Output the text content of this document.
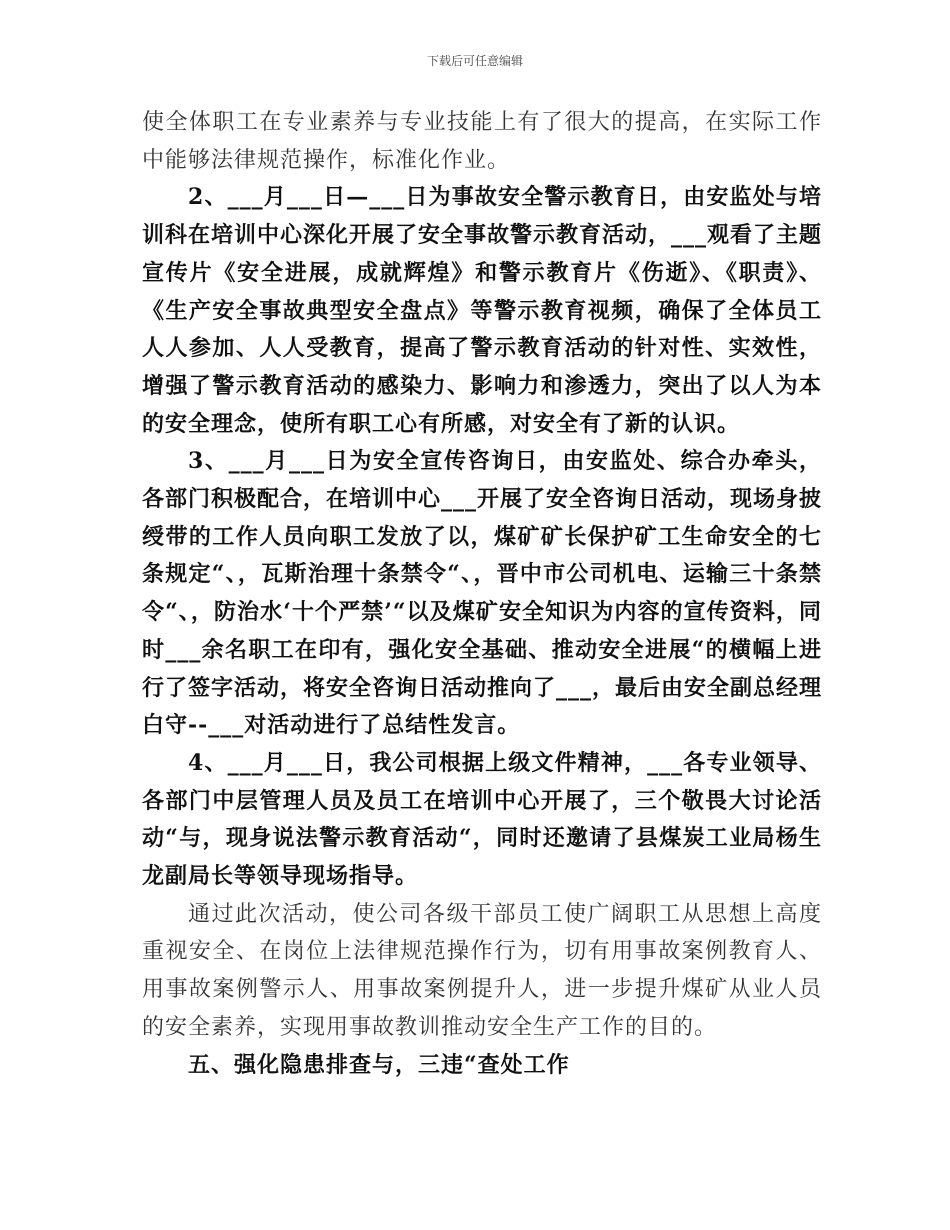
下载后可任意编辑

使全体职工在专业素养与专业技能上有了很大的提高，在实际工作中能够法律规范操作，标准化作业。

2、___月___日—___日为事故安全警示教育日，由安监处与培训科在培训中心深化开展了安全事故警示教育活动，___观看了主题宣传片《安全进展，成就辉煌》和警示教育片《伤逝》、《职责》、《生产安全事故典型安全盘点》等警示教育视频，确保了全体员工人人参加、人人受教育，提高了警示教育活动的针对性、实效性，增强了警示教育活动的感染力、影响力和渗透力，突出了以人为本的安全理念，使所有职工心有所感，对安全有了新的认识。

3、___月___日为安全宣传咨询日，由安监处、综合办牵头，各部门积极配合，在培训中心___开展了安全咨询日活动，现场身披绶带的工作人员向职工发放了以，煤矿矿长保护矿工生命安全的七条规定“、，瓦斯治理十条禁令“、，晋中市公司机电、运输三十条禁令“、，防治水‘十个严禁’“以及煤矿安全知识为内容的宣传资料，同时___余名职工在印有，强化安全基础、推动安全进展“的横幅上进行了签字活动，将安全咨询日活动推向了___，最后由安全副总经理白守--___对活动进行了总结性发言。

4、___月___日，我公司根据上级文件精神，___各专业领导、各部门中层管理人员及员工在培训中心开展了，三个敬畏大讨论活动“与，现身说法警示教育活动“，同时还邀请了县煤炭工业局杨生龙副局长等领导现场指导。

通过此次活动，使公司各级干部员工使广阔职工从思想上高度重视安全、在岗位上法律规范操作行为，切有用事故案例教育人、用事故案例警示人、用事故案例提升人，进一步提升煤矿从业人员的安全素养，实现用事故教训推动安全生产工作的目的。

五、强化隐患排查与，三违“查处工作
